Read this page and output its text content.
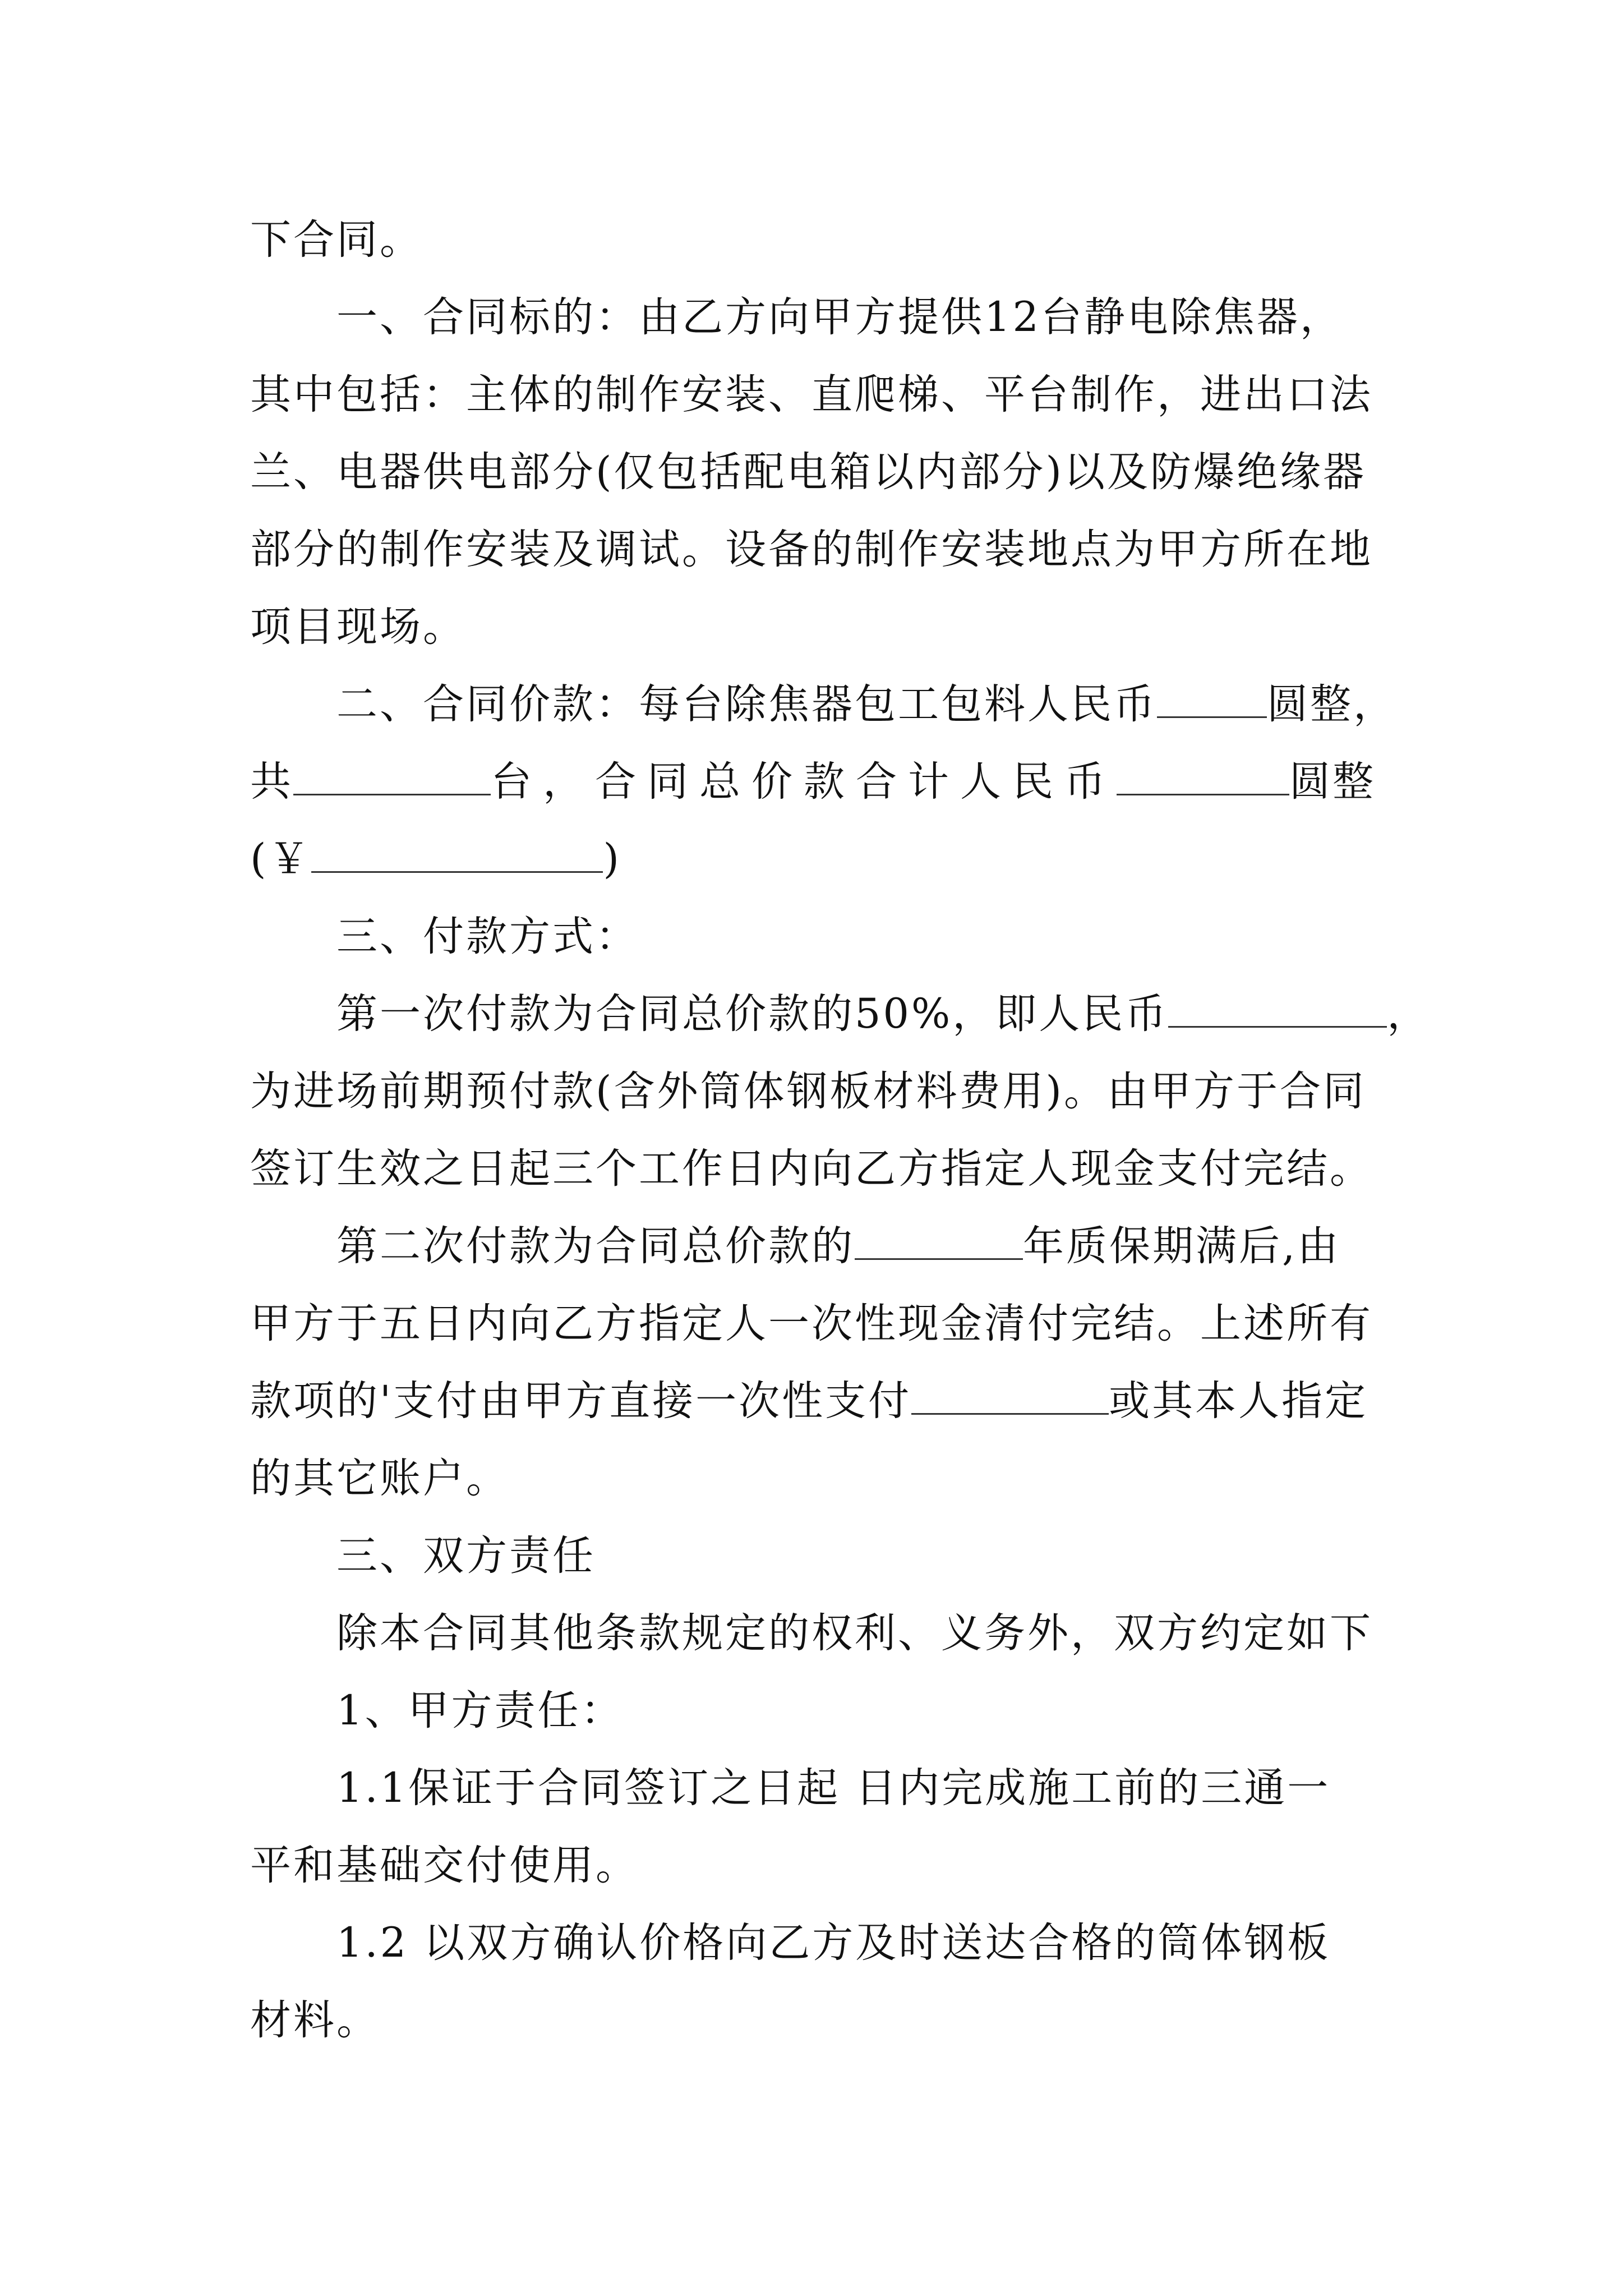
下合同。
一、合同标的：由乙方向甲方提供12台静电除焦器，
其中包括：主体的制作安装、直爬梯、平台制作，进出口法
兰、电器供电部分(仅包括配电箱以内部分)以及防爆绝缘器
部分的制作安装及调试。设备的制作安装地点为甲方所在地
项目现场。
二、合同价款：每台除焦器包工包料人民币	圆整，
共	台，合同总价款合计人民币	圆整
(￥	)
三、付款方式：
第一次付款为合同总价款的50%，即人民币	，
为进场前期预付款(含外筒体钢板材料费用)。由甲方于合同
签订生效之日起三个工作日内向乙方指定人现金支付完结。
第二次付款为合同总价款的	年质保期满后,由
甲方于五日内向乙方指定人一次性现金清付完结。上述所有
款项的'支付由甲方直接一次性支付	或其本人指定
的其它账户。
三、双方责任
除本合同其他条款规定的权利、义务外，双方约定如下
1、甲方责任：
1.1保证于合同签订之日起 日内完成施工前的三通一
平和基础交付使用。
1.2 以双方确认价格向乙方及时送达合格的筒体钢板
材料。
